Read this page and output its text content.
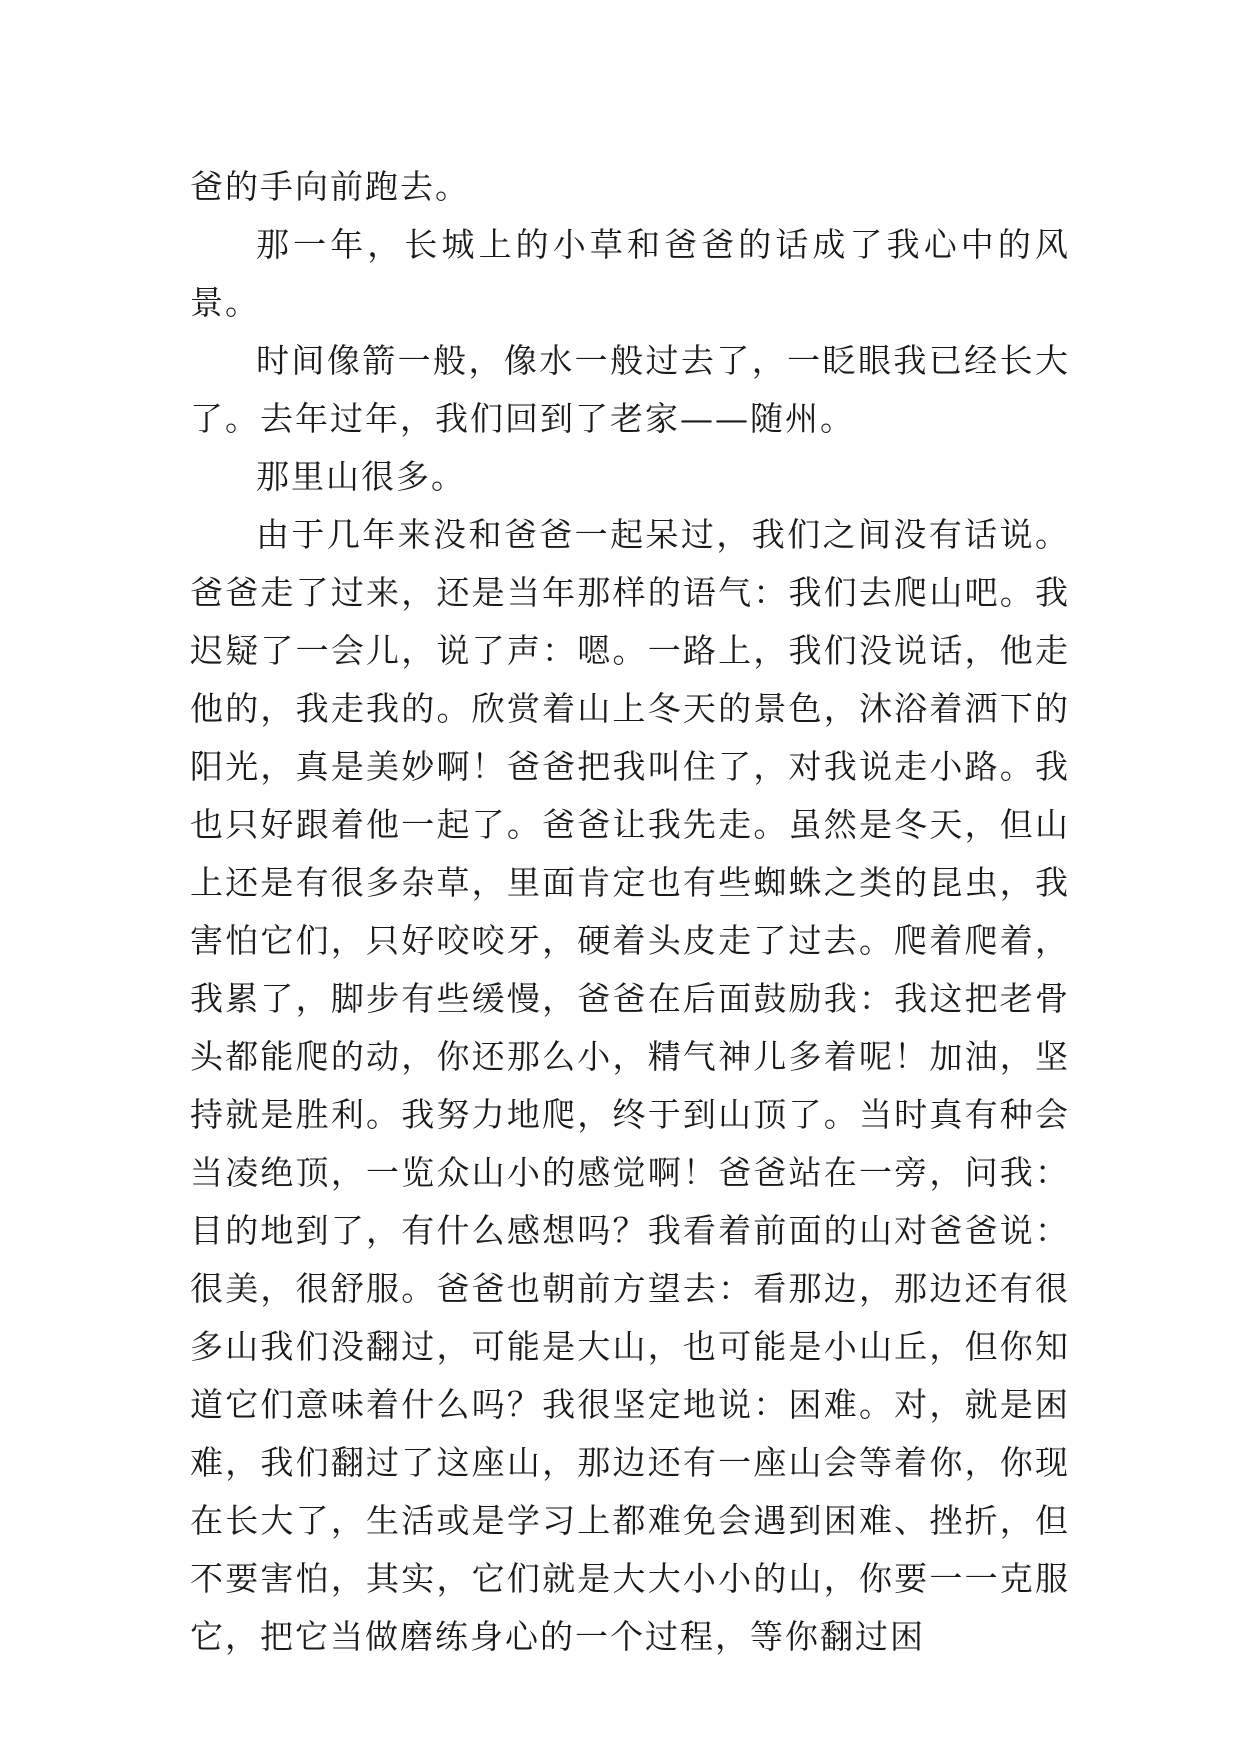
爸的手向前跑去。

那一年，长城上的小草和爸爸的话成了我心中的风景。

时间像箭一般，像水一般过去了，一眨眼我已经长大了。去年过年，我们回到了老家——随州。

那里山很多。

由于几年来没和爸爸一起呆过，我们之间没有话说。爸爸走了过来，还是当年那样的语气：我们去爬山吧。我迟疑了一会儿，说了声：嗯。一路上，我们没说话，他走他的，我走我的。欣赏着山上冬天的景色，沐浴着洒下的阳光，真是美妙啊！爸爸把我叫住了，对我说走小路。我也只好跟着他一起了。爸爸让我先走。虽然是冬天，但山上还是有很多杂草，里面肯定也有些蜘蛛之类的昆虫，我害怕它们，只好咬咬牙，硬着头皮走了过去。爬着爬着，我累了，脚步有些缓慢，爸爸在后面鼓励我：我这把老骨头都能爬的动，你还那么小，精气神儿多着呢！加油，坚持就是胜利。我努力地爬，终于到山顶了。当时真有种会当凌绝顶，一览众山小的感觉啊！爸爸站在一旁，问我：目的地到了，有什么感想吗？我看着前面的山对爸爸说：很美，很舒服。爸爸也朝前方望去：看那边，那边还有很多山我们没翻过，可能是大山，也可能是小山丘，但你知道它们意味着什么吗？我很坚定地说：困难。对，就是困难，我们翻过了这座山，那边还有一座山会等着你，你现在长大了，生活或是学习上都难免会遇到困难、挫折，但不要害怕，其实，它们就是大大小小的山，你要一一克服它，把它当做磨练身心的一个过程，等你翻过困
